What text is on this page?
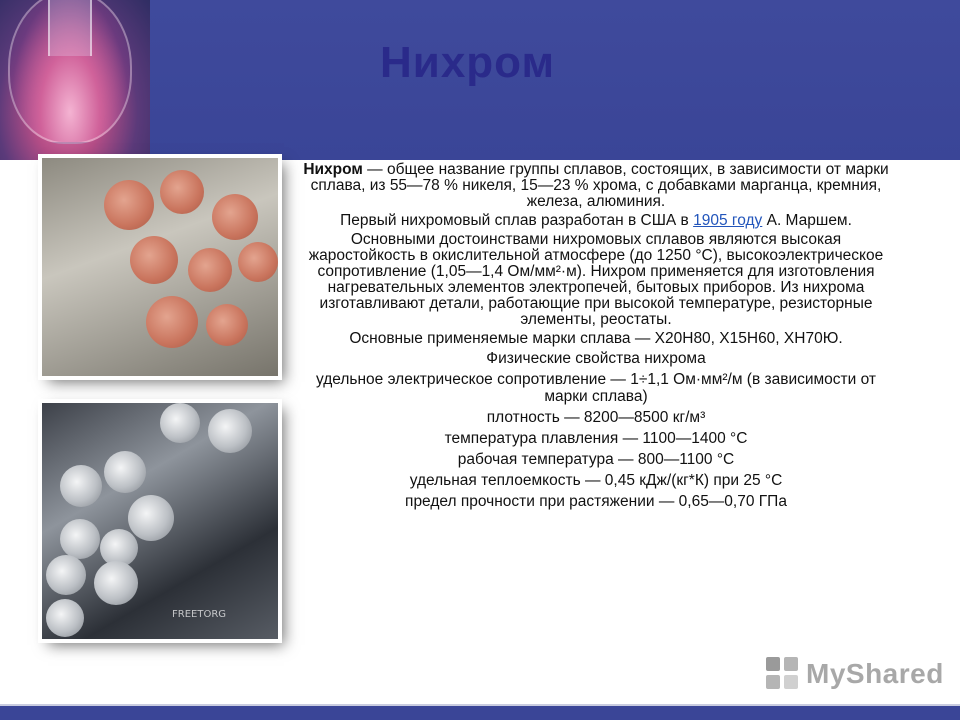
Нихром
FREETORG

Нихром — общее название группы сплавов, состоящих, в зависимости от марки сплава, из 55—78 % никеля, 15—23 % хрома, с добавками марганца, кремния, железа, алюминия.

Первый нихромовый сплав разработан в США в 1905 году А. Маршем.

Основными достоинствами нихромовых сплавов являются высокая жаростойкость в окислительной атмосфере (до 1250 °С), высокоэлектрическое сопротивление (1,05—1,4 Ом/мм²·м). Нихром применяется для изготовления нагревательных элементов электропечей, бытовых приборов. Из нихрома изготавливают детали, работающие при высокой температуре, резисторные элементы, реостаты.

Основные применяемые марки сплава — Х20Н80, Х15Н60, ХН70Ю.

Физические свойства нихрома

удельное электрическое сопротивление — 1÷1,1 Ом·мм²/м (в зависимости от марки сплава)

плотность — 8200—8500 кг/м³

температура плавления — 1100—1400 °С

рабочая температура — 800—1100 °С

удельная теплоемкость — 0,45 кДж/(кг*К) при 25 °С

предел прочности при растяжении — 0,65—0,70 ГПа

MyShared
